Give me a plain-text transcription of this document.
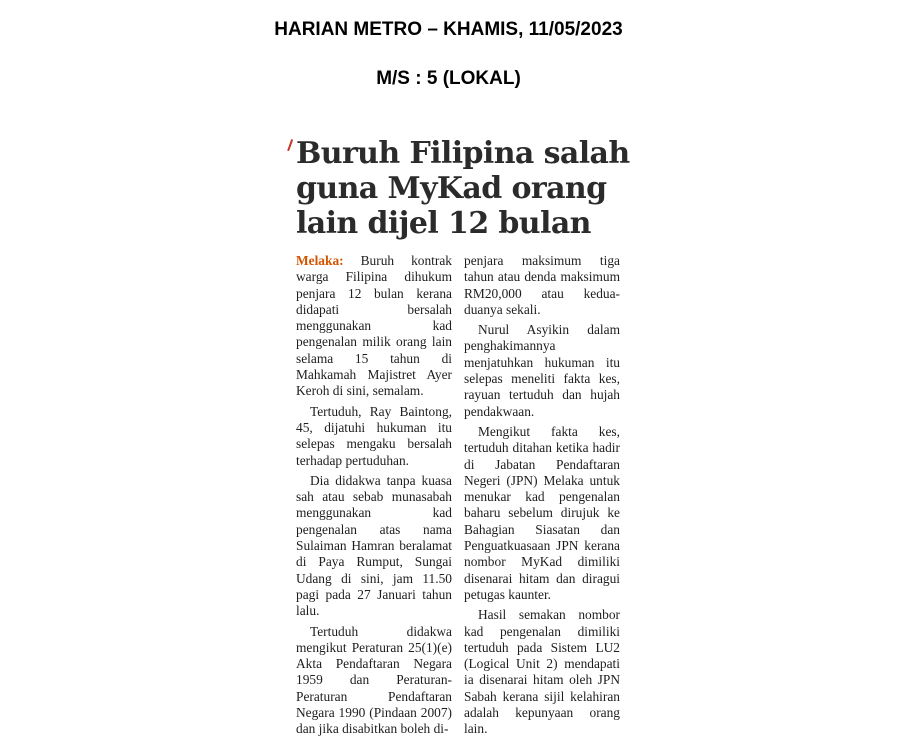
HARIAN METRO – KHAMIS, 11/05/2023
M/S : 5 (LOKAL)
Buruh Filipina salah
guna MyKad orang
lain dijel 12 bulan

Melaka: Buruh kontrak warga Filipina dihukum penjara 12 bulan kerana didapati bersalah menggunakan kad pengenalan milik orang lain selama 15 tahun di Mahkamah Majistret Ayer Keroh di sini, semalam.

Tertuduh, Ray Baintong, 45, dijatuhi hukuman itu selepas mengaku bersalah terhadap pertuduhan.

Dia didakwa tanpa kuasa sah atau sebab munasabah menggunakan kad pengenalan atas nama Sulaiman Hamran beralamat di Paya Rumput, Sungai Udang di sini, jam 11.50 pagi pada 27 Januari tahun lalu.

Tertuduh didakwa mengikut Peraturan 25(1)(e) Akta Pendaftaran Negara 1959 dan Peraturan-Peraturan Pendaftaran Negara 1990 (Pindaan 2007) dan jika disabitkan boleh di-

penjara maksimum tiga tahun atau denda maksimum RM20,000 atau kedua-duanya sekali.

Nurul Asyikin dalam penghakimannya menjatuhkan hukuman itu selepas meneliti fakta kes, rayuan tertuduh dan hujah pendakwaan.

Mengikut fakta kes, tertuduh ditahan ketika hadir di Jabatan Pendaftaran Negeri (JPN) Melaka untuk menukar kad pengenalan baharu sebelum dirujuk ke Bahagian Siasatan dan Penguatkuasaan JPN kerana nombor MyKad dimiliki disenarai hitam dan diragui petugas kaunter.

Hasil semakan nombor kad pengenalan dimiliki tertuduh pada Sistem LU2 (Logical Unit 2) mendapati ia disenarai hitam oleh JPN Sabah kerana sijil kelahiran adalah kepunyaan orang lain.
